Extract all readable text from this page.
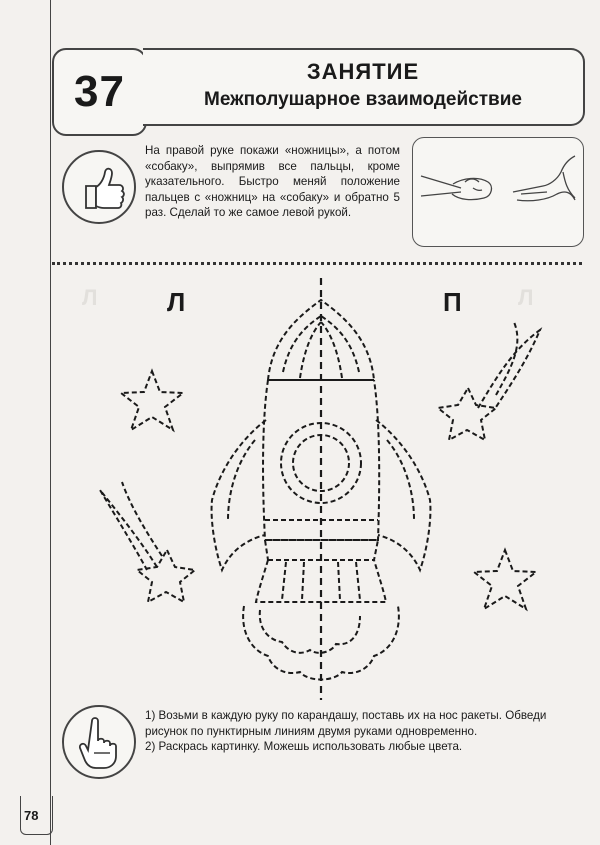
37	ЗАНЯТИЕ
Межполушарное взаимодействие
На правой руке покажи «ножницы», а потом «собаку», выпрямив все пальцы, кроме указательного. Быстро меняй положение пальцев с «ножниц» на «собаку» и обратно 5 раз. Сделай то же самое левой рукой.
Л	П
Л	Л

1) Возьми в каждую руку по карандашу, поставь их на нос ракеты. Обведи рисунок по пунктирным линиям двумя руками одновременно.

2) Раскрась картинку. Можешь использовать любые цвета.

78
